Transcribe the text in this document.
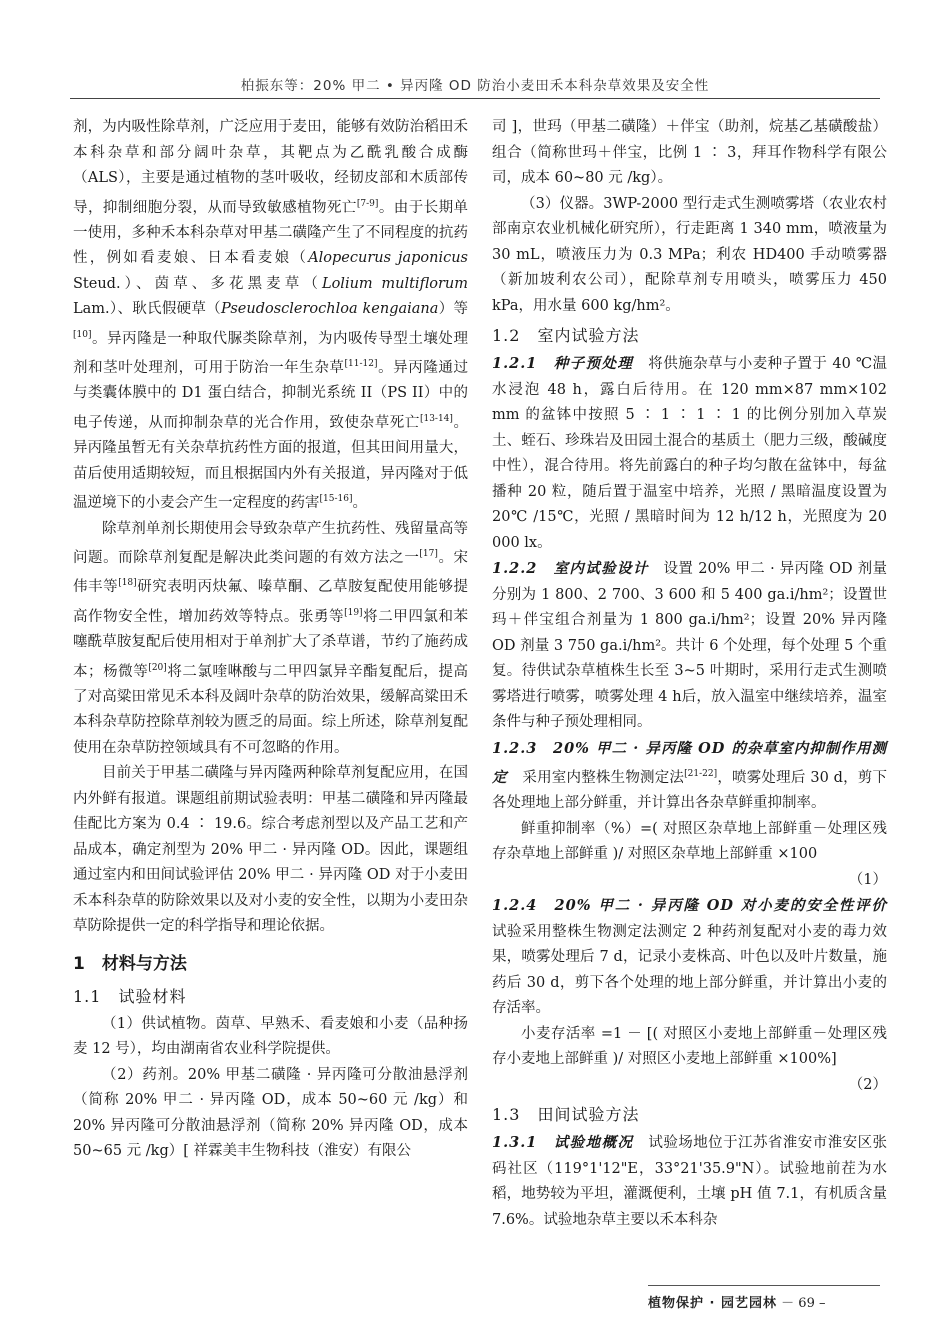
柏振东等：20% 甲二 • 异丙隆 OD 防治小麦田禾本科杂草效果及安全性

剂，为内吸性除草剂，广泛应用于麦田，能够有效防治稻田禾本科杂草和部分阔叶杂草，其靶点为乙酰乳酸合成酶（ALS），主要是通过植物的茎叶吸收，经韧皮部和木质部传导，抑制细胞分裂，从而导致敏感植物死亡[7-9]。由于长期单一使用，多种禾本科杂草对甲基二磺隆产生了不同程度的抗药性，例如看麦娘、日本看麦娘（Alopecurus japonicus Steud.）、茵草、多花黑麦草（Lolium multiflorum Lam.）、耿氏假硬草（Pseudosclerochloa kengaiana）等[10]。异丙隆是一种取代脲类除草剂，为内吸传导型土壤处理剂和茎叶处理剂，可用于防治一年生杂草[11-12]。异丙隆通过与类囊体膜中的 D1 蛋白结合，抑制光系统 II（PS II）中的电子传递，从而抑制杂草的光合作用，致使杂草死亡[13-14]。异丙隆虽暂无有关杂草抗药性方面的报道，但其田间用量大，苗后使用适期较短，而且根据国内外有关报道，异丙隆对于低温逆境下的小麦会产生一定程度的药害[15-16]。

除草剂单剂长期使用会导致杂草产生抗药性、残留量高等问题。而除草剂复配是解决此类问题的有效方法之一[17]。宋伟丰等[18]研究表明丙炔氟、嗪草酮、乙草胺复配使用能够提高作物安全性，增加药效等特点。张勇等[19]将二甲四氯和苯噻酰草胺复配后使用相对于单剂扩大了杀草谱，节约了施药成本；杨微等[20]将二氯喹啉酸与二甲四氯异辛酯复配后，提高了对高粱田常见禾本科及阔叶杂草的防治效果，缓解高粱田禾本科杂草防控除草剂较为匮乏的局面。综上所述，除草剂复配使用在杂草防控领域具有不可忽略的作用。

目前关于甲基二磺隆与异丙隆两种除草剂复配应用，在国内外鲜有报道。课题组前期试验表明：甲基二磺隆和异丙隆最佳配比方案为 0.4 ∶ 19.6。综合考虑剂型以及产品工艺和产品成本，确定剂型为 20% 甲二 · 异丙隆 OD。因此，课题组通过室内和田间试验评估 20% 甲二 · 异丙隆 OD 对于小麦田禾本科杂草的防除效果以及对小麦的安全性，以期为小麦田杂草防除提供一定的科学指导和理论依据。

1　材料与方法
1.1　试验材料

（1）供试植物。茵草、早熟禾、看麦娘和小麦（品种扬麦 12 号），均由湖南省农业科学院提供。

（2）药剂。20% 甲基二磺隆 · 异丙隆可分散油悬浮剂（简称 20% 甲二 · 异丙隆 OD，成本 50~60 元 /kg）和 20% 异丙隆可分散油悬浮剂（简称 20% 异丙隆 OD，成本 50~65 元 /kg）[ 祥霖美丰生物科技（淮安）有限公

司 ]，世玛（甲基二磺隆）＋伴宝（助剂，烷基乙基磺酸盐）组合（简称世玛＋伴宝，比例 1 ∶ 3，拜耳作物科学有限公司，成本 60~80 元 /kg）。

（3）仪器。3WP-2000 型行走式生测喷雾塔（农业农村部南京农业机械化研究所），行走距离 1 340 mm，喷液量为 30 mL，喷液压力为 0.3 MPa；利农 HD400 手动喷雾器（新加坡利农公司），配除草剂专用喷头，喷雾压力 450 kPa，用水量 600 kg/hm²。

1.2　室内试验方法

1.2.1　种子预处理　 将供施杂草与小麦种子置于 40 ℃温水浸泡 48 h，露白后待用。在 120 mm×87 mm×102 mm 的盆钵中按照 5 ∶ 1 ∶ 1 ∶ 1 的比例分别加入草炭土、蛭石、珍珠岩及田园土混合的基质土（肥力三级，酸碱度中性），混合待用。将先前露白的种子均匀散在盆钵中，每盆播种 20 粒，随后置于温室中培养，光照 / 黑暗温度设置为 20℃ /15℃，光照 / 黑暗时间为 12 h/12 h，光照度为 20 000 lx。

1.2.2　室内试验设计　 设置 20% 甲二 · 异丙隆 OD 剂量分别为 1 800、2 700、3 600 和 5 400 ga.i/hm²；设置世玛＋伴宝组合剂量为 1 800 ga.i/hm²；设置 20% 异丙隆 OD 剂量 3 750 ga.i/hm²。共计 6 个处理，每个处理 5 个重复。待供试杂草植株生长至 3~5 叶期时，采用行走式生测喷雾塔进行喷雾，喷雾处理 4 h后，放入温室中继续培养，温室条件与种子预处理相同。

1.2.3　20% 甲二 · 异丙隆 OD 的杂草室内抑制作用测定　 采用室内整株生物测定法[21-22]，喷雾处理后 30 d，剪下各处理地上部分鲜重，并计算出各杂草鲜重抑制率。

鲜重抑制率（%）=( 对照区杂草地上部鲜重－处理区残存杂草地上部鲜重 )/ 对照区杂草地上部鲜重 ×100

（1）

1.2.4　20% 甲二 · 异丙隆 OD 对小麦的安全性评价　试验采用整株生物测定法测定 2 种药剂复配对小麦的毒力效果，喷雾处理后 7 d，记录小麦株高、叶色以及叶片数量，施药后 30 d，剪下各个处理的地上部分鲜重，并计算出小麦的存活率。

小麦存活率 =1 － [( 对照区小麦地上部鲜重－处理区残存小麦地上部鲜重 )/ 对照区小麦地上部鲜重 ×100%]

（2）
1.3　田间试验方法

1.3.1　试验地概况　 试验场地位于江苏省淮安市淮安区张码社区（119°1'12"E，33°21'35.9"N）。试验地前茬为水稻，地势较为平坦，灌溉便利，土壤 pH 值 7.1，有机质含量 7.6%。试验地杂草主要以禾本科杂

植物保护 · 园艺园林 － 69 –
